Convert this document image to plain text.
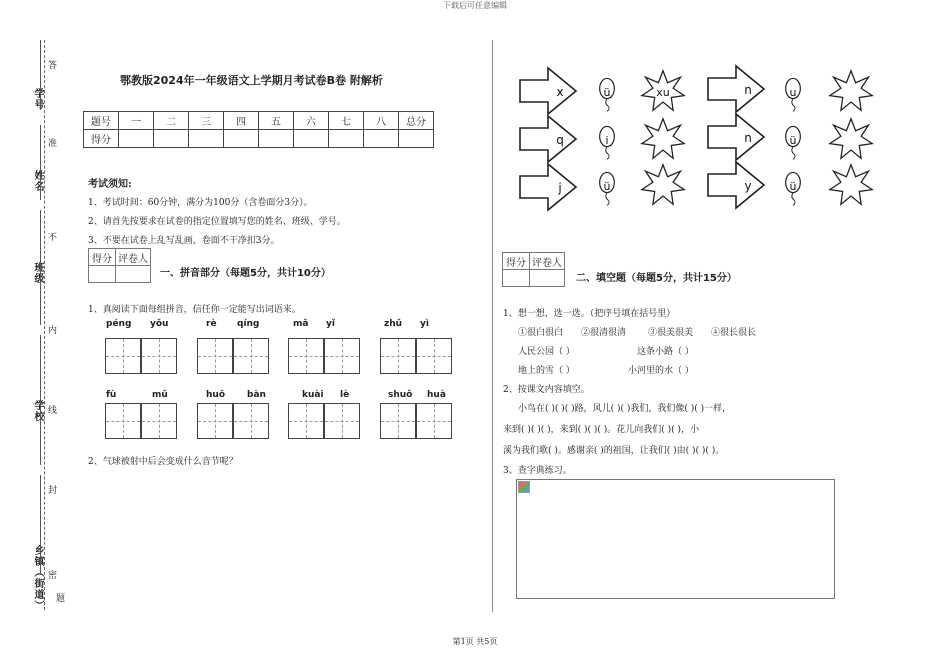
下载后可任意编辑
学号
姓名
班级
学校
乡镇（街道）
答
准
不
内
线
封
密
题
鄂教版2024年一年级语文上学期月考试卷B卷 附解析
题号	一	二	三	四	五	六	七	八	总分
得分									
考试须知:
1、考试时间：60分钟，满分为100分（含卷面分3分）。
2、请首先按要求在试卷的指定位置填写您的姓名、班级、学号。
3、不要在试卷上乱写乱画，卷面不干净扣3分。
得分	评卷人

一、拼音部分（每题5分，共计10分）
1、真阅读下面每组拼音，信任你一定能写出词语来。
péng yǒu	rè qíng	mǎ yǐ	zhǔ yì
fù	mǔ	huǒ bàn	kuài lè	shuǒ huà
2、气球被射中后会变成什么音节呢？
x
q
j
n
n
y
ü
i
ü
u
ü
ü
xu
得分	评卷人

二、填空题（每题5分，共计15分）
1、想一想，选一选。（把序号填在括号里）
①很白很白 ②很清很清 ③很美很美 ④很长很长
人民公园（ ）	这条小路（ ）
地上的雪（ ）	小河里的水（ ）
2、按课文内容填空。
小鸟在( )( )( )路，风儿( )( )我们，我们像( )( )一样，
来到( )( )( )，来到( )( )( )。花儿向我们( )( )，小
溪为我们歌( )。感谢亲( )的祖国，让我们( )由( )( )( )。
3、查字典练习。
第1页 共5页
